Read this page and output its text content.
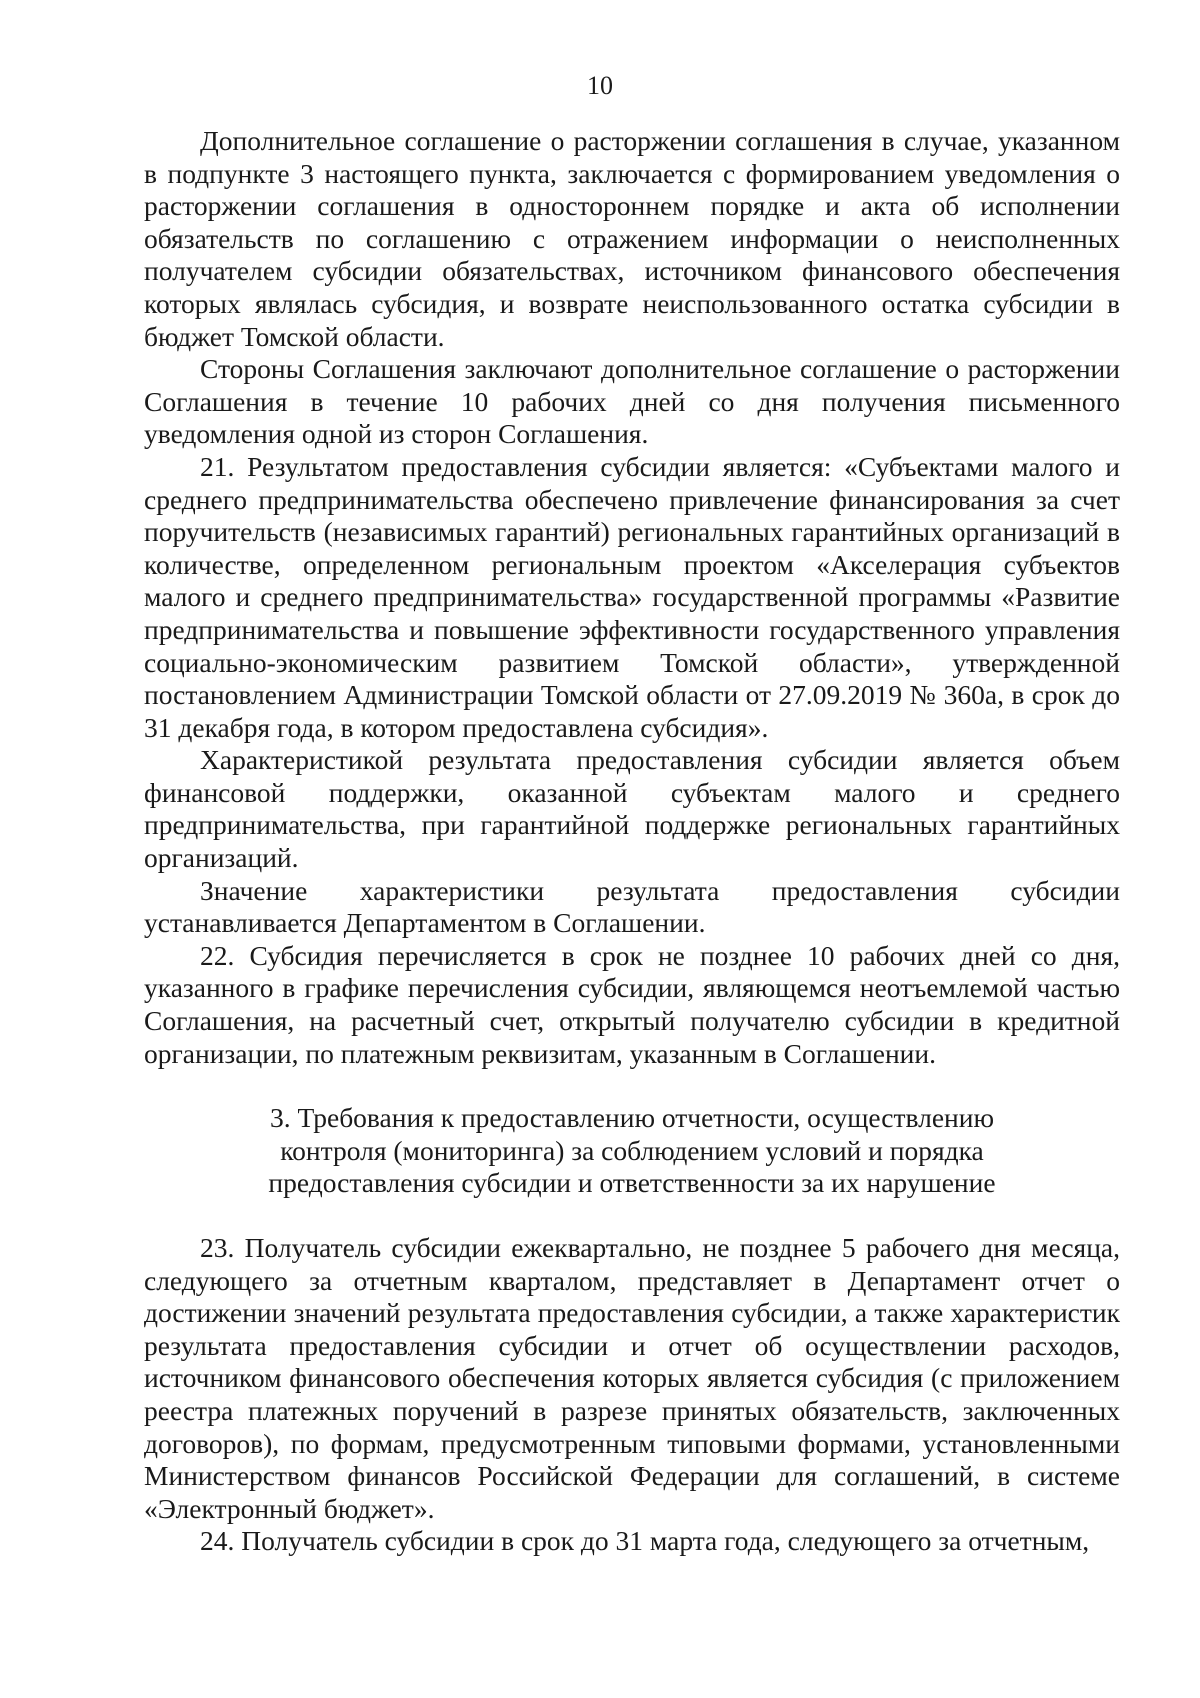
10

Дополнительное соглашение о расторжении соглашения в случае, указанном в подпункте 3 настоящего пункта, заключается с формированием уведомления о расторжении соглашения в одностороннем порядке и акта об исполнении обязательств по соглашению с отражением информации о неисполненных получателем субсидии обязательствах, источником финансового обеспечения которых являлась субсидия, и возврате неиспользованного остатка субсидии в бюджет Томской области.

Стороны Соглашения заключают дополнительное соглашение о расторжении Соглашения в течение 10 рабочих дней со дня получения письменного уведомления одной из сторон Соглашения.

21. Результатом предоставления субсидии является: «Субъектами малого и среднего предпринимательства обеспечено привлечение финансирования за счет поручительств (независимых гарантий) региональных гарантийных организаций в количестве, определенном региональным проектом «Акселерация субъектов малого и среднего предпринимательства» государственной программы «Развитие предпринимательства и повышение эффективности государственного управления социально-экономическим развитием Томской области», утвержденной постановлением Администрации Томской области от 27.09.2019 № 360а, в срок до 31 декабря года, в котором предоставлена субсидия».

Характеристикой результата предоставления субсидии является объем финансовой поддержки, оказанной субъектам малого и среднего предпринимательства, при гарантийной поддержке региональных гарантийных организаций.

Значение характеристики результата предоставления субсидии устанавливается Департаментом в Соглашении.

22. Субсидия перечисляется в срок не позднее 10 рабочих дней со дня, указанного в графике перечисления субсидии, являющемся неотъемлемой частью Соглашения, на расчетный счет, открытый получателю субсидии в кредитной организации, по платежным реквизитам, указанным в Соглашении.

3. Требования к предоставлению отчетности, осуществлению
контроля (мониторинга) за соблюдением условий и порядка
предоставления субсидии и ответственности за их нарушение

23. Получатель субсидии ежеквартально, не позднее 5 рабочего дня месяца, следующего за отчетным кварталом, представляет в Департамент отчет о достижении значений результата предоставления субсидии, а также характеристик результата предоставления субсидии и отчет об осуществлении расходов, источником финансового обеспечения которых является субсидия (с приложением реестра платежных поручений в разрезе принятых обязательств, заключенных договоров), по формам, предусмотренным типовыми формами, установленными Министерством финансов Российской Федерации для соглашений, в системе «Электронный бюджет».

24. Получатель субсидии в срок до 31 марта года, следующего за отчетным,
